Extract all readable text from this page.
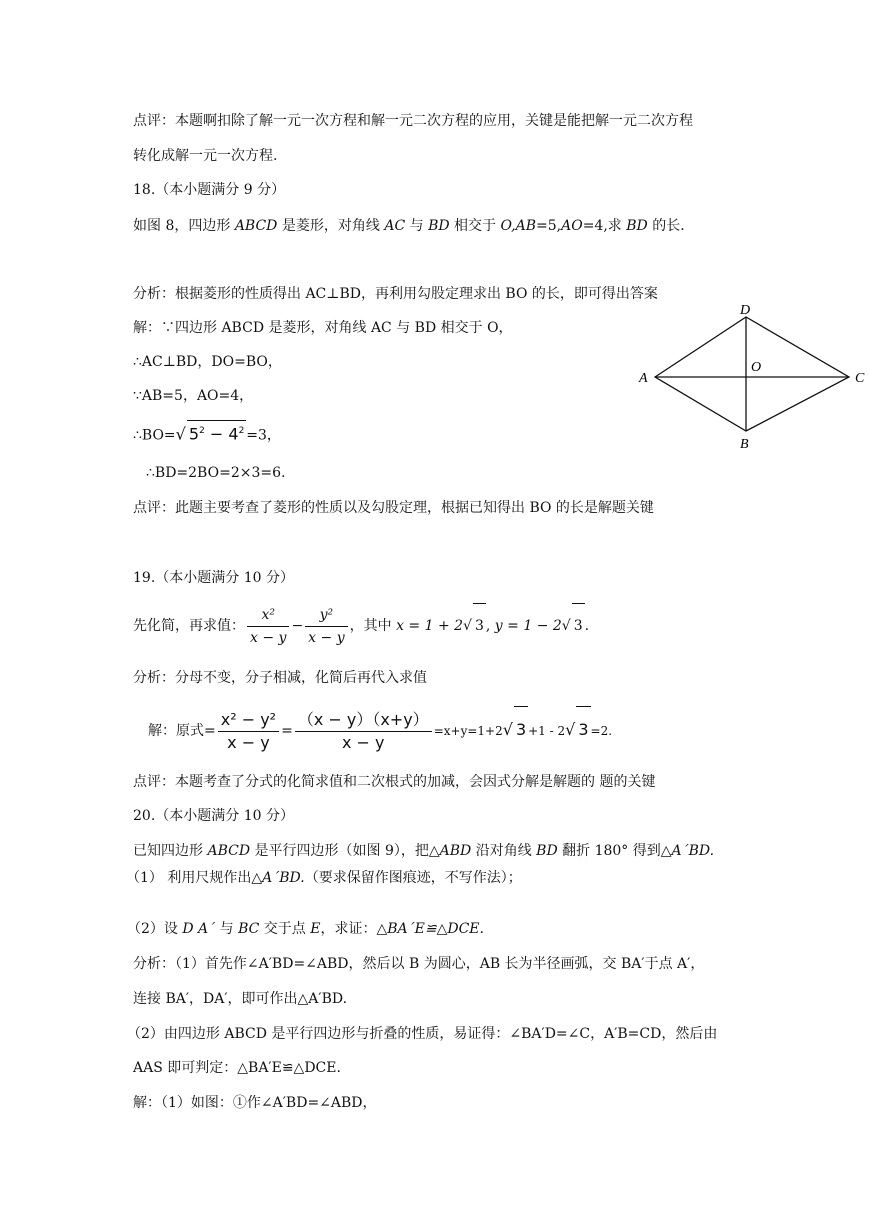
点评：本题啊扣除了解一元一次方程和解一元二次方程的应用，关键是能把解一元二次方程
转化成解一元一次方程.
18.（本小题满分 9 分）
如图 8，四边形 ABCD 是菱形，对角线 AC 与 BD 相交于 O,AB=5,AO=4,求 BD 的长.
分析：根据菱形的性质得出 AC⊥BD，再利用勾股定理求出 BO 的长，即可得出答案
解：∵四边形 ABCD 是菱形，对角线 AC 与 BD 相交于 O，
∴AC⊥BD，DO=BO，
∵AB=5，AO=4，
∴BO=√ $5^2 - 4^2 =3$，
∴BD=2BO=2×3=6.
点评：此题主要考查了菱形的性质以及勾股定理，根据已知得出 BO 的长是解题关键
D
O
A	C
B
19.（本小题满分 10 分）
先化简，再求值： $\frac{\text{x²}}{x - y} - \frac{\text{y²}}{x - y}$ ，其中 x = 1 + 2√ 3 , y = 1 − 2√ 3 .
分析：分母不变，分子相减，化简后再代入求值
解：原式= $\frac{\text{x² − y²}}{x - y} = \frac{(x - y)(x+y)}{x - y} =x+y=1+2√$ 3 +1 - 2√ 3 =2.
点评：本题考查了分式的化简求值和二次根式的加减，会因式分解是解题的 题的关键
20.（本小题满分 10 分）
已知四边形 ABCD 是平行四边形（如图 9），把△ABD 沿对角线 BD 翻折 180° 得到△A´BD.
（1） 利用尺规作出△A´BD.（要求保留作图痕迹，不写作法）；
（2）设 D A´ 与 BC 交于点 E，求证：△BA´E≌△DCE.
分析：（1）首先作∠A′BD=∠ABD，然后以 B 为圆心，AB 长为半径画弧，交 BA′于点 A′，
连接 BA′，DA′，即可作出△A′BD.
（2）由四边形 ABCD 是平行四边形与折叠的性质，易证得：∠BA′D=∠C，A′B=CD，然后由
AAS 即可判定：△BA′E≌△DCE.
解：（1）如图：①作∠A′BD=∠ABD，
